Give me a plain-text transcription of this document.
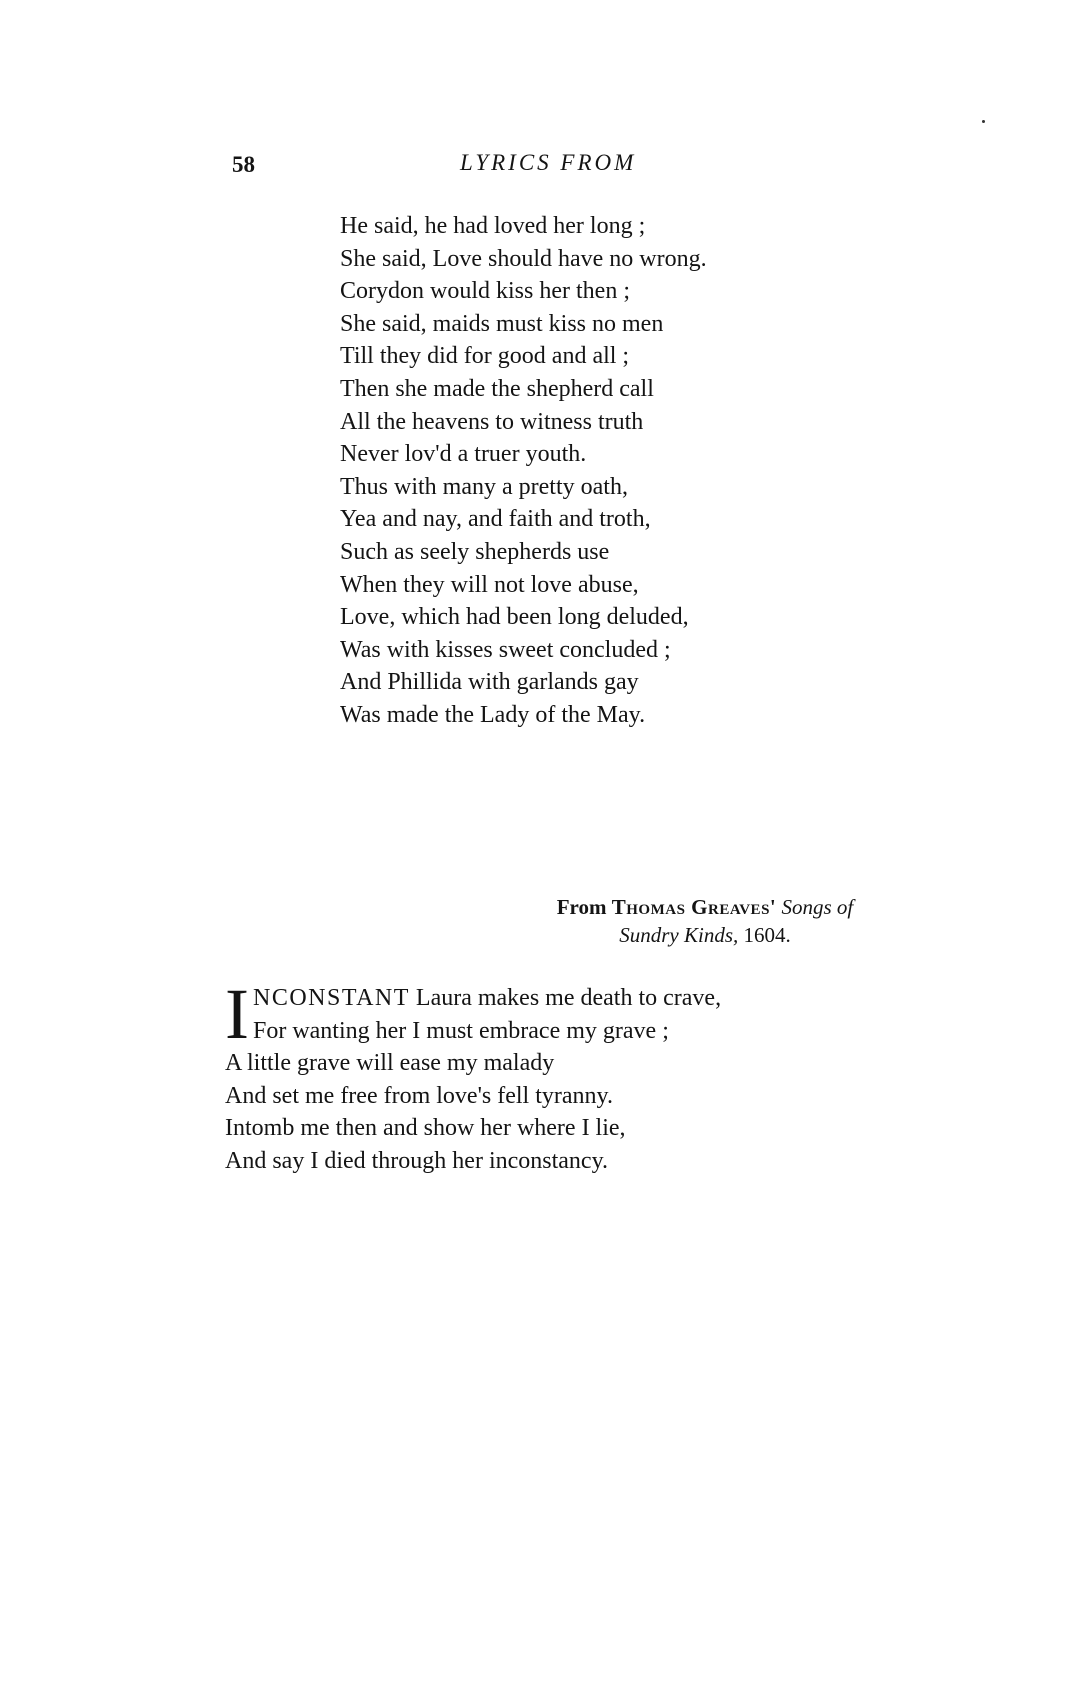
58	LYRICS FROM
He said, he had loved her long ;
She said, Love should have no wrong.
Corydon would kiss her then ;
She said, maids must kiss no men
Till they did for good and all ;
Then she made the shepherd call
All the heavens to witness truth
Never lov'd a truer youth.
Thus with many a pretty oath,
Yea and nay, and faith and troth,
Such as seely shepherds use
When they will not love abuse,
Love, which had been long deluded,
Was with kisses sweet concluded ;
And Phillida with garlands gay
Was made the Lady of the May.
From Thomas Greaves' Songs of
Sundry Kinds, 1604.
I NCONSTANT Laura makes me death to crave,
For wanting her I must embrace my grave ;
A little grave will ease my malady
And set me free from love's fell tyranny.
Intomb me then and show her where I lie,
And say I died through her inconstancy.
